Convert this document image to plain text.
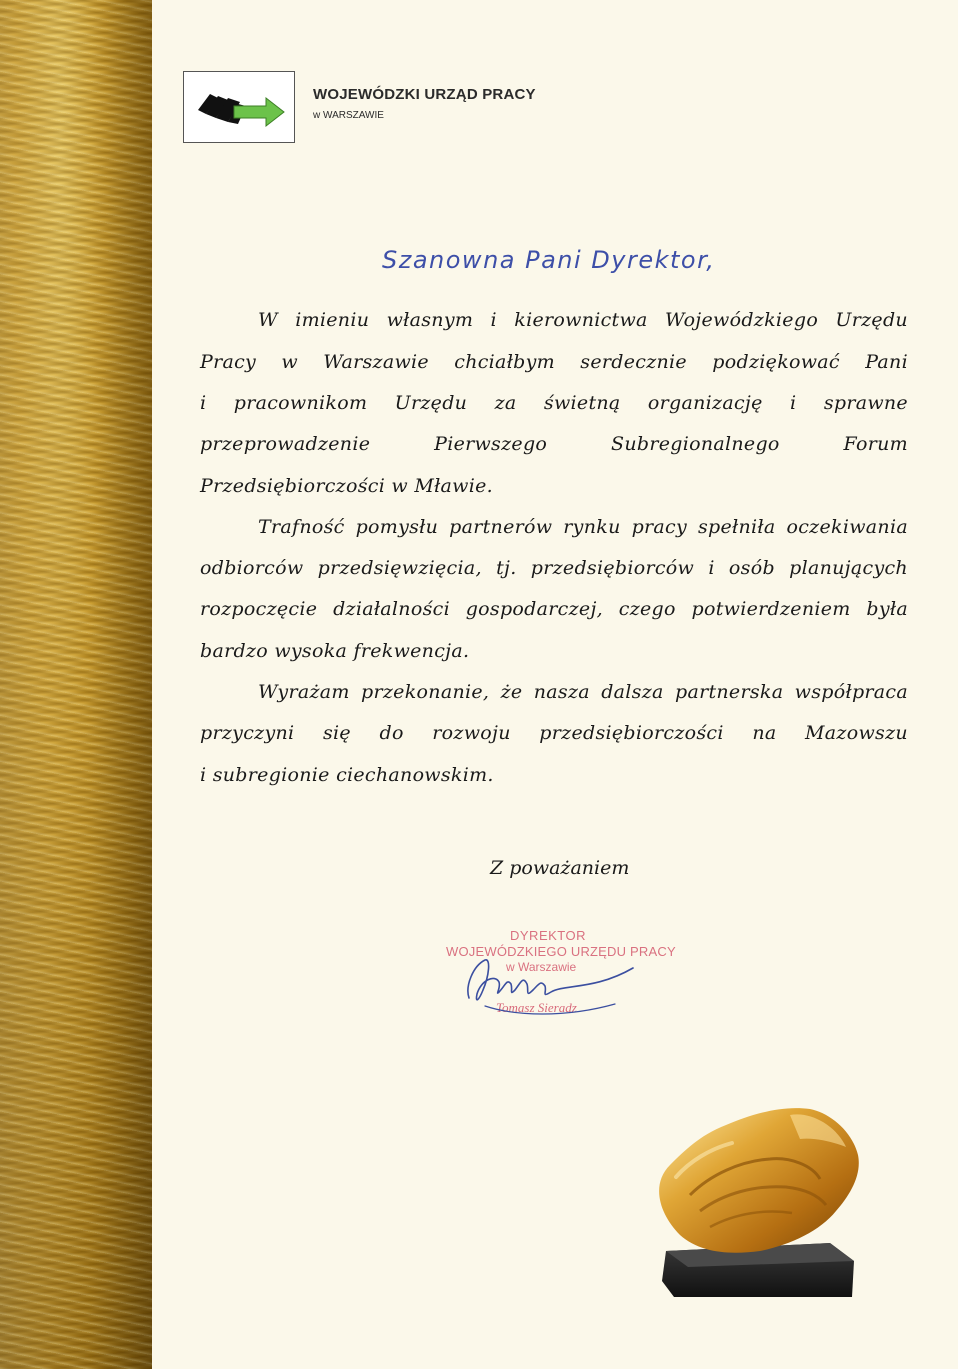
WOJEWÓDZKI URZĄD PRACY
w WARSZAWIE
Szanowna Pani Dyrektor,
W imieniu własnym i kierownictwa Wojewódzkiego Urzędu
Pracy w Warszawie chciałbym serdecznie podziękować Pani
i pracownikom Urzędu za świetną organizację i sprawne
przeprowadzenie	Pierwszego	Subregionalnego	Forum
Przedsiębiorczości w Mławie.
Trafność pomysłu partnerów rynku pracy spełniła oczekiwania
odbiorców przedsięwzięcia, tj. przedsiębiorców i osób planujących
rozpoczęcie działalności gospodarczej, czego potwierdzeniem była
bardzo wysoka frekwencja.
Wyrażam przekonanie, że nasza dalsza partnerska współpraca
przyczyni się do rozwoju przedsiębiorczości na Mazowszu
i subregionie ciechanowskim.
Z poważaniem
DYREKTOR
WOJEWÓDZKIEGO URZĘDU PRACY
w Warszawie
Tomasz Sieradz
